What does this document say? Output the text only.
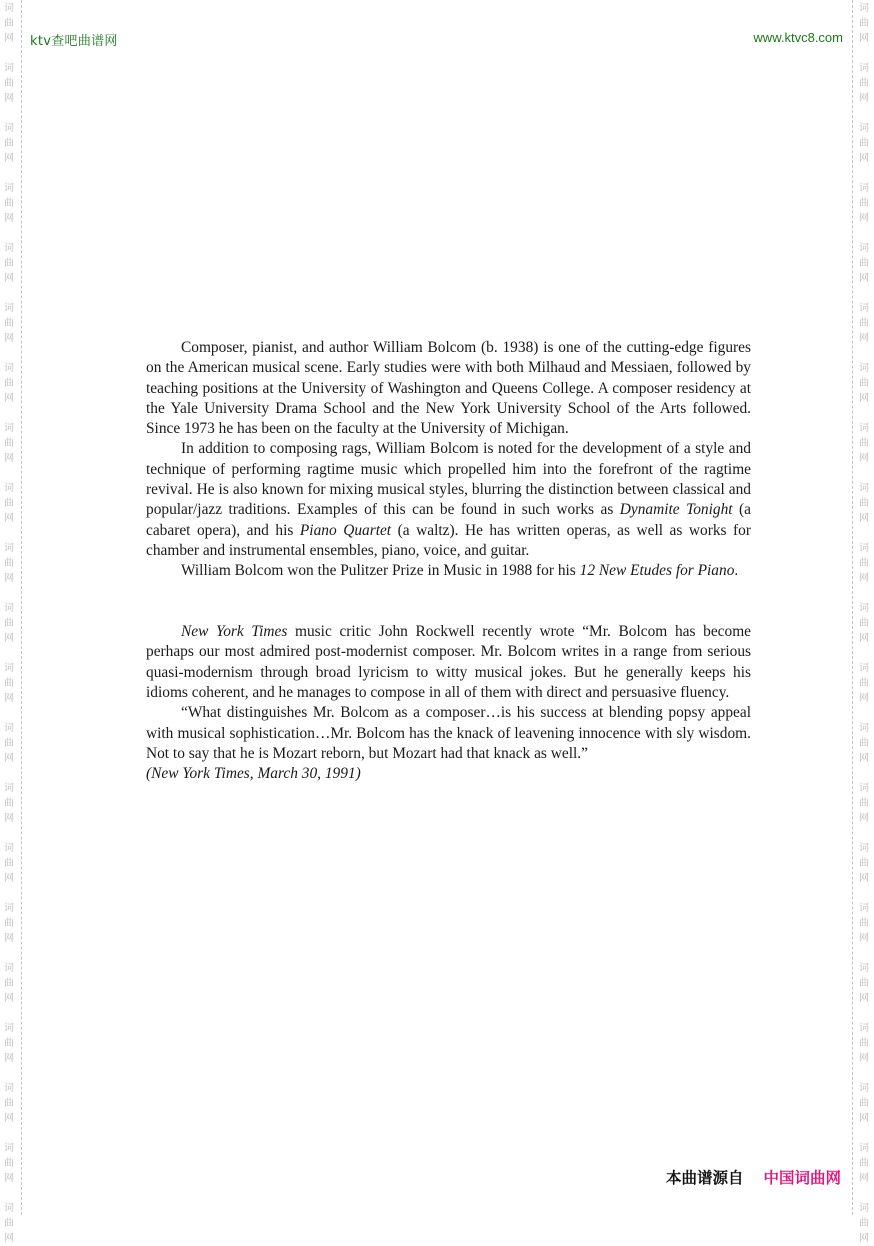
词
曲
网
词
曲
网
词
曲
网
词
曲
网
词
曲
网
词
曲
网
词
曲
网
词
曲
网
词
曲
网
词
曲
网
词
曲
网
词
曲
网
词
曲
网
词
曲
网
词
曲
网
词
曲
网
词
曲
网
词
曲
网
词
曲
网
词
曲
网
词
曲
网
词
曲
网
词
曲
网
词
曲
网
词
曲
网
词
曲
网
词
曲
网
词
曲
网
词
曲
网
词
曲
网
词
曲
网
词
曲
网
词
曲
网
词
曲
网
词
曲
网
词
曲
网
词
曲
网
词
曲
网
词
曲
网
词
曲
网
词
曲
网
词
曲
网
ktv查吧曲谱网	www.ktvc8.com

Composer, pianist, and author William Bolcom (b. 1938) is one of the cutting-edge figures on the American musical scene. Early studies were with both Milhaud and Messiaen, followed by teaching positions at the University of Washington and Queens College. A composer residency at the Yale University Drama School and the New York University School of the Arts followed. Since 1973 he has been on the faculty at the University of Michigan.

In addition to composing rags, William Bolcom is noted for the development of a style and technique of performing ragtime music which propelled him into the forefront of the ragtime revival. He is also known for mixing musical styles, blurring the distinction between classical and popular/jazz traditions. Examples of this can be found in such works as Dynamite Tonight (a cabaret opera), and his Piano Quartet (a waltz). He has written operas, as well as works for chamber and instrumental ensembles, piano, voice, and guitar.

William Bolcom won the Pulitzer Prize in Music in 1988 for his 12 New Etudes for Piano.

New York Times music critic John Rockwell recently wrote “Mr. Bolcom has become perhaps our most admired post-modernist composer. Mr. Bolcom writes in a range from serious quasi-modernism through broad lyricism to witty musical jokes. But he generally keeps his idioms coherent, and he manages to compose in all of them with direct and persuasive fluency.

“What distinguishes Mr. Bolcom as a composer…is his success at blending popsy appeal with musical sophistication…Mr. Bolcom has the knack of leavening innocence with sly wisdom. Not to say that he is Mozart reborn, but Mozart had that knack as well.”
(New York Times, March 30, 1991)

本曲谱源自 中国词曲网
